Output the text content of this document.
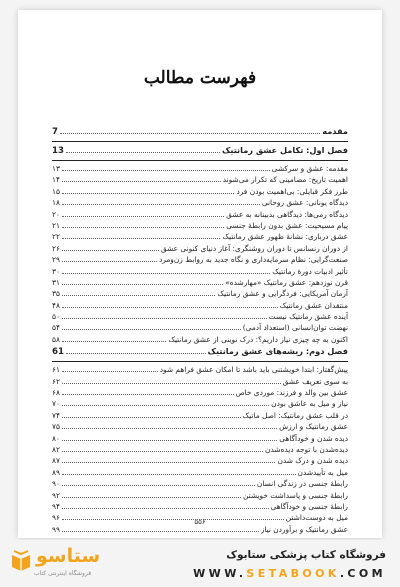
فهرست مطالب
مقدمه
7
فصل اول: تکامل عشق رمانتیک
13
مقدمه: عشق و سرکشی
۱۳
اهمیت تاریخ: مضامینی که تکرار می‌شوند
۱۴
طرز فکر قبایلی: بی‌اهمیت بودن فرد
۱۵
دیدگاه یونانی: عشق روحانی
۱۸
دیدگاه رمی‌ها: دیدگاهی بدبینانه به عشق
۲۰
پیام مسیحیت: عشق بدون رابطهٔ جنسی
۲۱
عشق درباری: نشانهٔ ظهور عشق رمانتیک
۲۲
از دوران رنسانس تا دوران روشنگری: آغاز دنیای کنونی عشق
۲۶
صنعت‌گرایی: نظام سرمایه‌داری و نگاه جدید به روابط زن‌ومرد
۲۹
تأثیر ادبیات دورهٔ رمانتیک
۳۰
قرن نوزدهم: عشق رمانتیک «مهارشده»
۳۱
آرمان آمریکایی: فردگرایی و عشق رمانتیک
۳۵
منتقدان عشق رمانتیک
۴۸
آینده عشق رمانتیک نیست
۵۰
نهضت توان‌انسانی (استعداد آدمی)
۵۴
اکنون به چه چیزی نیاز داریم؟: درک نوینی از عشق رمانتیک
۵۸
فصل دوم: ریشه‌های عشق رمانتیک
61
پیش‌گفتار: ابتدا خویشتنی باید باشد تا امکان عشق فراهم شود
۶۱
به سوی تعریف عشق
۶۲
عشق بین والد و فرزند: موردی خاص
۶۸
نیاز و میل به عاشق بودن
۷۰
در قلب عشق رمانتیک: اصل ماتیک
۷۴
عشق رمانتیک و ارزش
۷۵
دیده شدن و خودآگاهی
۸۰
دیده‌شدن با توجه دیده‌شدن
۸۲
دیده شدن و درک شدن
۸۷
میل به تأییدشدن
۸۹
رابطهٔ جنسی در زندگی انسان
۹۰
رابطهٔ جنسی و پاسداشت خویشتن
۹۲
رابطهٔ جنسی و خودآگاهی
۹۴
میل به دوست‌داشتن
۹۶
عشق رمانتیک و برآوردن نیاز
۹۹
۵۵۶
ستاسو
فروشگاه اینترنتی کتاب
فروشگاه کتاب پزشکی ستابوک
WWW.SETABOOK.COM
